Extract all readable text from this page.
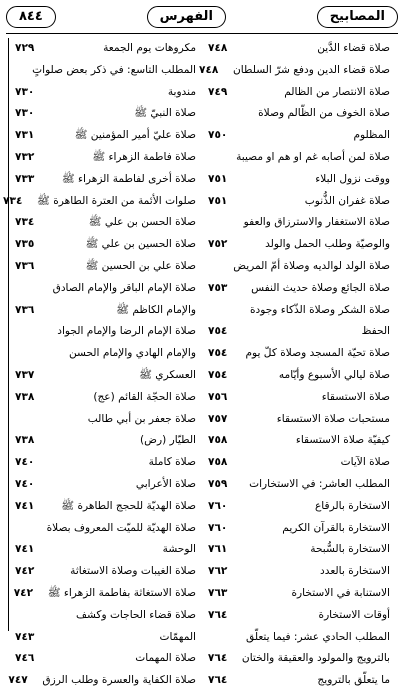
٨٤٤	الفهرس	المصابيح
مكروهات يوم الجمعة
٧٢٩
المطلب التاسع: في ذكر بعض صلواتٍ
مندوبة
٧٣٠
صلاة النبيّ ﷺ
٧٣٠
صلاة عليّ أمير المؤمنين ﷺ
٧٣١
صلاة فاطمة الزهراء ﷺ
٧٣٢
صلاة أخرى لفاطمة الزهراء ﷺ
٧٣٣
صلوات الأئمة من العترة الطاهرة ﷺ
٧٣٤
صلاة الحسن بن علي ﷺ
٧٣٤
صلاة الحسين بن علي ﷺ
٧٣٥
صلاة علي بن الحسين ﷺ
٧٣٦
صلاة الإمام الباقر والإمام الصادق
والإمام الكاظم ﷺ
٧٣٦
صلاة الإمام الرضا والإمام الجواد
والإمام الهادي والإمام الحسن
العسكري ﷺ
٧٣٧
صلاة الحجّة القائم (عج)
٧٣٨
صلاة جعفر بن أبي طالب
الطيّار (رض)
٧٣٨
صلاة كاملة
٧٤٠
صلاة الأعرابي
٧٤٠
صلاة الهديّة للحجج الطاهرة ﷺ
٧٤١
صلاة الهديّة للميّت المعروف بصلاة
الوحشة
٧٤١
صلاة الغيبات وصلاة الاستغاثة
٧٤٢
صلاة الاستغاثة بفاطمة الزهراء ﷺ
٧٤٢
صلاة قضاء الحاجات وكشف
المهمّات
٧٤٣
صلاة المهمات
٧٤٦
صلاة الكفاية والعسرة وطلب الرزق
٧٤٧
صلاة قضاء الدَّين
٧٤٨
صلاة قضاء الدين ودفع شرّ السلطان
٧٤٨
صلاة الانتصار من الظالم
٧٤٩
صلاة الخوف من الظّالم وصلاة
المظلوم
٧٥٠
صلاة لمن أصابه غم او هم او مصيبة
ووقت نزول البلاء
٧٥١
صلاة غفران الذُّنوب
٧٥١
صلاة الاستغفار والاسترزاق والعفو
والوصيّة وطلب الحمل والولد
٧٥٢
صلاة الولد لوالديه وصلاة أمّ المريض
صلاة الجائع وصلاة حديث النفس
٧٥٣
صلاة الشكر وصلاة الذّكاء وجودة
الحفظ
٧٥٤
صلاة تحيّة المسجد وصلاة كلّ يوم
٧٥٤
صلاة ليالي الأسبوع وأيّامه
٧٥٤
صلاة الاستسقاء
٧٥٦
مستحبات صلاة الاستسقاء
٧٥٧
كيفيّة صلاة الاستسقاء
٧٥٨
صلاة الآيات
٧٥٨
المطلب العاشر: في الاستخارات
٧٥٩
الاستخارة بالرقاع
٧٦٠
الاستخارة بالقرآن الكريم
٧٦٠
الاستخارة بالسُّبحة
٧٦١
الاستخارة بالعدد
٧٦٢
الاستنابة في الاستخارة
٧٦٣
أوقات الاستخارة
٧٦٤
المطلب الحادي عشر: فيما يتعلّق
بالترويج والمولود والعقيقة والختان
٧٦٤
ما يتعلّق بالترويج
٧٦٤
